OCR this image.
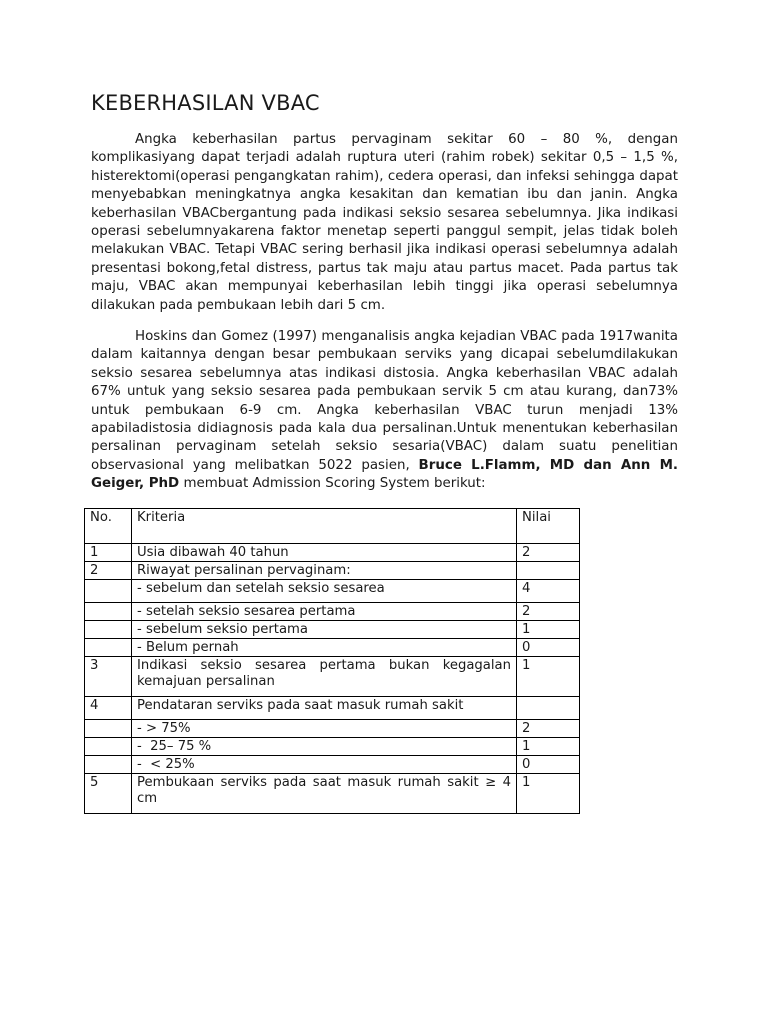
KEBERHASILAN VBAC

Angka keberhasilan partus pervaginam sekitar 60 – 80 %, dengan komplikasiyang dapat terjadi adalah ruptura uteri (rahim robek) sekitar 0,5 – 1,5 %, histerektomi(operasi pengangkatan rahim), cedera operasi, dan infeksi sehingga dapat menyebabkan meningkatnya angka kesakitan dan kematian ibu dan janin. Angka keberhasilan VBACbergantung pada indikasi seksio sesarea sebelumnya. Jika indikasi operasi sebelumnyakarena faktor menetap seperti panggul sempit, jelas tidak boleh melakukan VBAC. Tetapi VBAC sering berhasil jika indikasi operasi sebelumnya adalah presentasi bokong,fetal distress, partus tak maju atau partus macet. Pada partus tak maju, VBAC akan mempunyai keberhasilan lebih tinggi jika operasi sebelumnya dilakukan pada pembukaan lebih dari 5 cm.

Hoskins dan Gomez (1997) menganalisis angka kejadian VBAC pada 1917wanita dalam kaitannya dengan besar pembukaan serviks yang dicapai sebelumdilakukan seksio sesarea sebelumnya atas indikasi distosia. Angka keberhasilan VBAC adalah 67% untuk yang seksio sesarea pada pembukaan servik 5 cm atau kurang, dan73% untuk pembukaan 6-9 cm. Angka keberhasilan VBAC turun menjadi 13% apabiladistosia didiagnosis pada kala dua persalinan.Untuk menentukan keberhasilan persalinan pervaginam setelah seksio sesaria(VBAC) dalam suatu penelitian observasional yang melibatkan 5022 pasien, Bruce L.Flamm, MD dan Ann M. Geiger, PhD membuat Admission Scoring System berikut:

No.	Kriteria	Nilai
1	Usia dibawah 40 tahun	2
2	Riwayat persalinan pervaginam:	
	- sebelum dan setelah seksio sesarea	4
	- setelah seksio sesarea pertama	2
	- sebelum seksio pertama	1
	- Belum pernah	0
3	Indikasi seksio sesarea pertama bukan kegagalan kemajuan persalinan	1
4	Pendataran serviks pada saat masuk rumah sakit	
	- > 75%	2
	-  25– 75 %	1
	-  < 25%	0
5	Pembukaan serviks pada saat masuk rumah sakit ≥ 4 cm	1
